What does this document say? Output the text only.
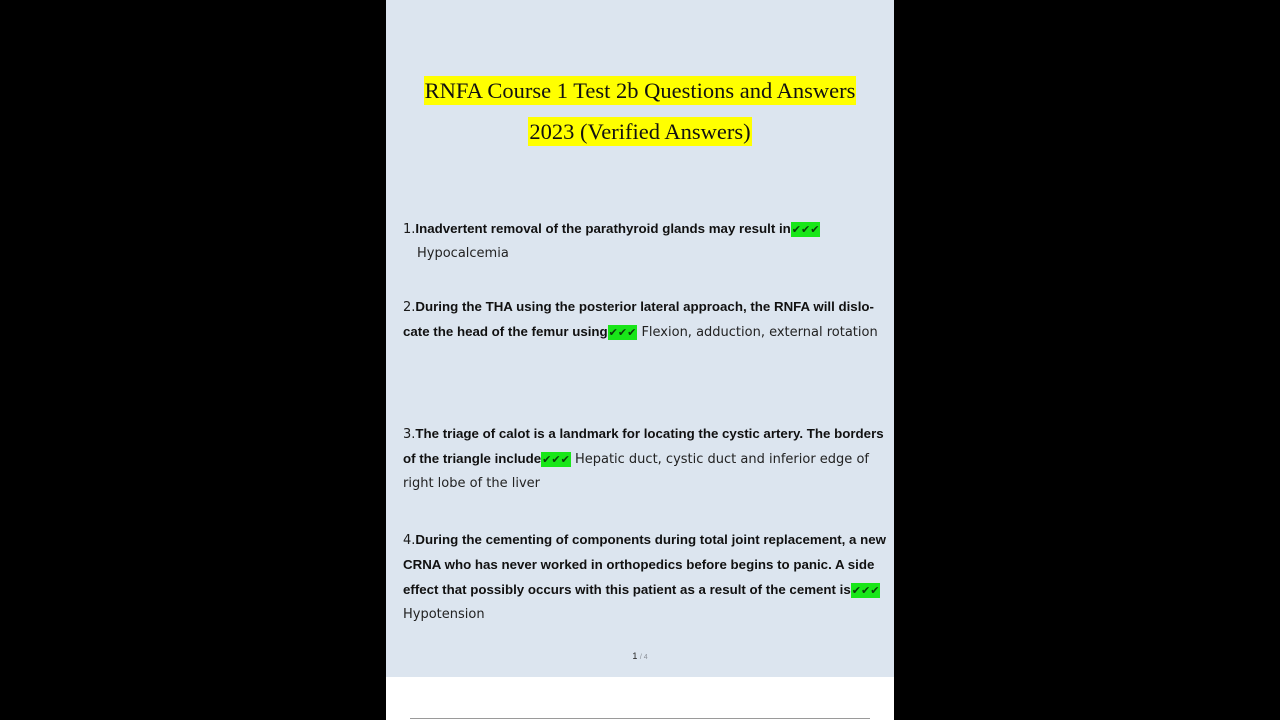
RNFA Course 1 Test 2b Questions and Answers
2023 (Verified Answers)
1.Inadvertent removal of the parathyroid glands may result in✔✔✔
Hypocalcemia
2.During the THA using the posterior lateral approach, the RNFA will dislo- cate the head of the femur using✔✔✔ Flexion, adduction, external rotation
3.The triage of calot is a landmark for locating the cystic artery. The borders of the triangle include✔✔✔ Hepatic duct, cystic duct and inferior edge of right lobe of the liver
4.During the cementing of components during total joint replacement, a new CRNA who has never worked in orthopedics before begins to panic. A side effect that possibly occurs with this patient as a result of the cement is✔✔✔ Hypotension
1 / 4
